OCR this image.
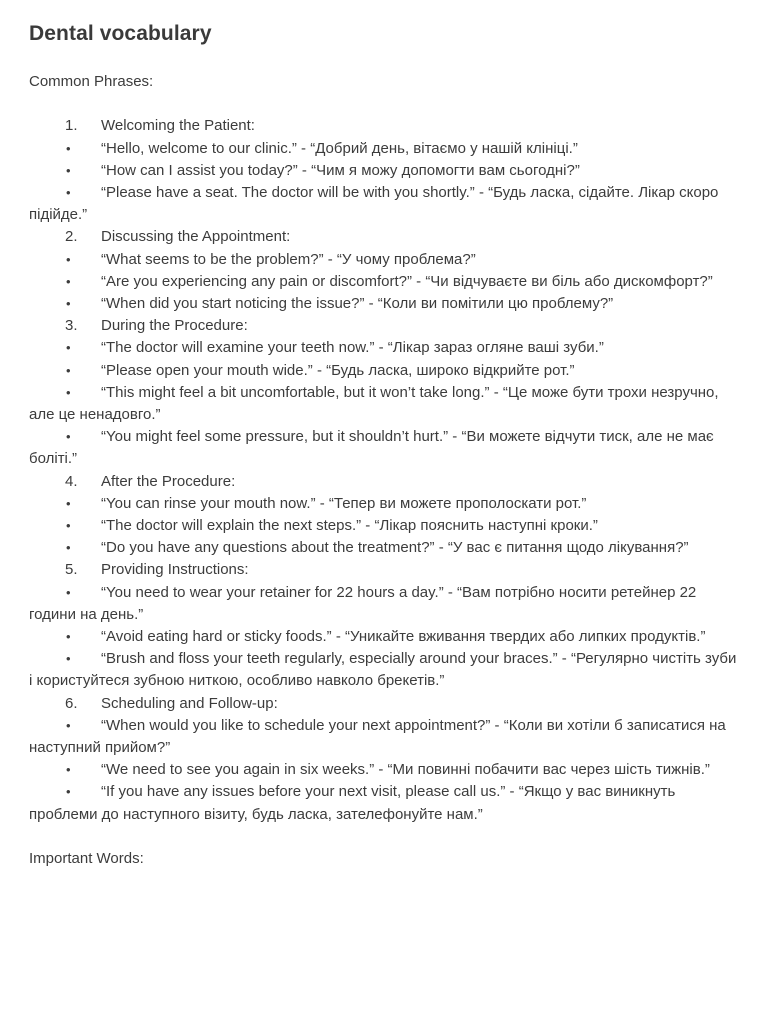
Dental vocabulary

Common Phrases:

1. Welcoming the Patient:

• “Hello, welcome to our clinic.” - “Добрий день, вітаємо у нашій клініці.”

• “How can I assist you today?” - “Чим я можу допомогти вам сьогодні?”

• “Please have a seat. The doctor will be with you shortly.” - “Будь ласка, сідайте. Лікар скоро підійде.”

2. Discussing the Appointment:

• “What seems to be the problem?” - “У чому проблема?”

• “Are you experiencing any pain or discomfort?” - “Чи відчуваєте ви біль або дискомфорт?”

• “When did you start noticing the issue?” - “Коли ви помітили цю проблему?”

3. During the Procedure:

• “The doctor will examine your teeth now.” - “Лікар зараз огляне ваші зуби.”

• “Please open your mouth wide.” - “Будь ласка, широко відкрийте рот.”

• “This might feel a bit uncomfortable, but it won’t take long.” - “Це може бути трохи незручно, але це ненадовго.”

• “You might feel some pressure, but it shouldn’t hurt.” - “Ви можете відчути тиск, але не має болiтi.”

4. After the Procedure:

• “You can rinse your mouth now.” - “Тепер ви можете прополоскати рот.”

• “The doctor will explain the next steps.” - “Лікар пояснить наступні кроки.”

• “Do you have any questions about the treatment?” - “У вас є питання щодо лікування?”

5. Providing Instructions:

• “You need to wear your retainer for 22 hours a day.” - “Вам потрібно носити ретейнер 22 години на день.”

• “Avoid eating hard or sticky foods.” - “Уникайте вживання твердих або липких продуктів.”

• “Brush and floss your teeth regularly, especially around your braces.” - “Регулярно чистіть зуби і користуйтеся зубною ниткою, особливо навколо брекетів.”

6. Scheduling and Follow-up:

• “When would you like to schedule your next appointment?” - “Коли ви хотіли б записатися на наступний прийом?”

• “We need to see you again in six weeks.” - “Ми повинні побачити вас через шість тижнів.”

• “If you have any issues before your next visit, please call us.” - “Якщо у вас виникнуть проблеми до наступного візиту, будь ласка, зателефонуйте нам.”

Important Words:
